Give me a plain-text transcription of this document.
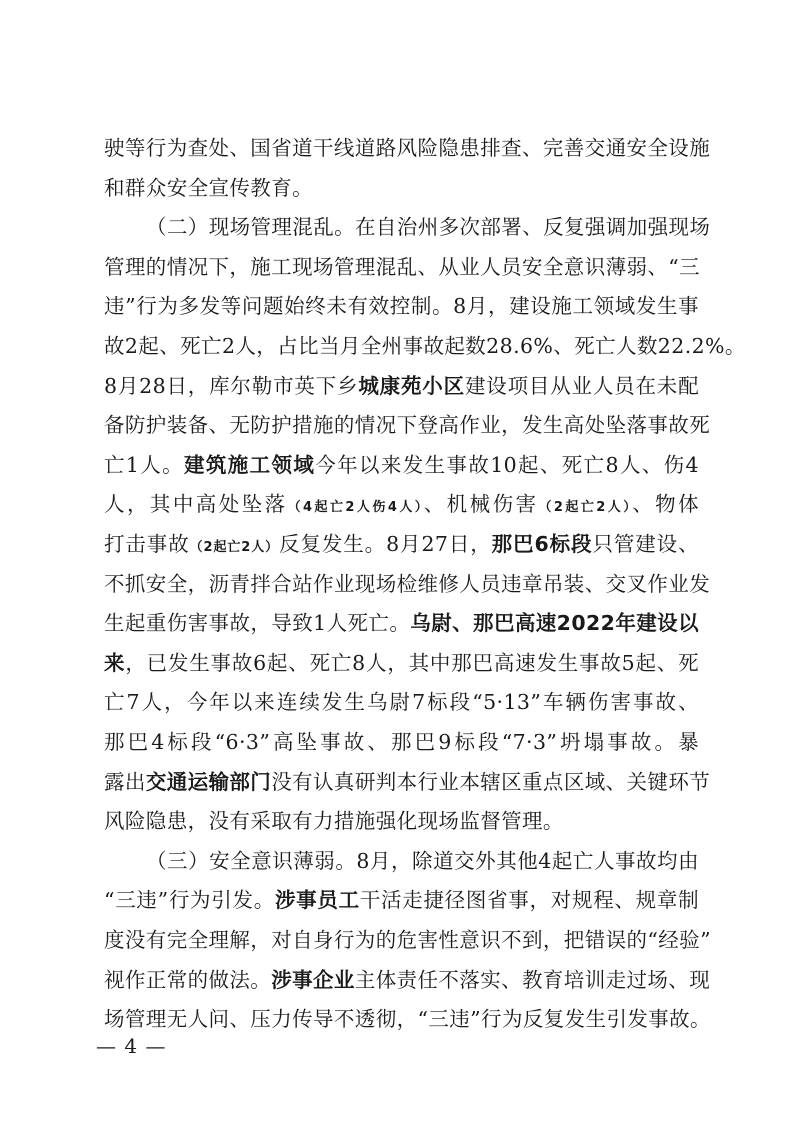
驶等行为查处、国省道干线道路风险隐患排查、完善交通安全设施
和群众安全宣传教育。
（二）现场管理混乱。在自治州多次部署、反复强调加强现场
管理的情况下，施工现场管理混乱、从业人员安全意识薄弱、“三
违”行为多发等问题始终未有效控制。8月，建设施工领域发生事
故2起、死亡2人，占比当月全州事故起数28.6%、死亡人数22.2%。
8月28日，库尔勒市英下乡城康苑小区建设项目从业人员在未配
备防护装备、无防护措施的情况下登高作业，发生高处坠落事故死
亡1人。建筑施工领域今年以来发生事故10起、死亡8人、伤4
人，其中高处坠落（4起亡2人伤4人）、机械伤害（2起亡2人）、物体
打击事故（2起亡2人）反复发生。8月27日，那巴6标段只管建设、
不抓安全，沥青拌合站作业现场检维修人员违章吊装、交叉作业发
生起重伤害事故，导致1人死亡。乌尉、那巴高速2022年建设以
来，已发生事故6起、死亡8人，其中那巴高速发生事故5起、死
亡7人，今年以来连续发生乌尉7标段“5·13”车辆伤害事故、
那巴4标段“6·3”高坠事故、那巴9标段“7·3”坍塌事故。暴
露出交通运输部门没有认真研判本行业本辖区重点区域、关键环节
风险隐患，没有采取有力措施强化现场监督管理。
（三）安全意识薄弱。8月，除道交外其他4起亡人事故均由
“三违”行为引发。涉事员工干活走捷径图省事，对规程、规章制
度没有完全理解，对自身行为的危害性意识不到，把错误的“经验”
视作正常的做法。涉事企业主体责任不落实、教育培训走过场、现
场管理无人问、压力传导不透彻，“三违”行为反复发生引发事故。
— 4 —
